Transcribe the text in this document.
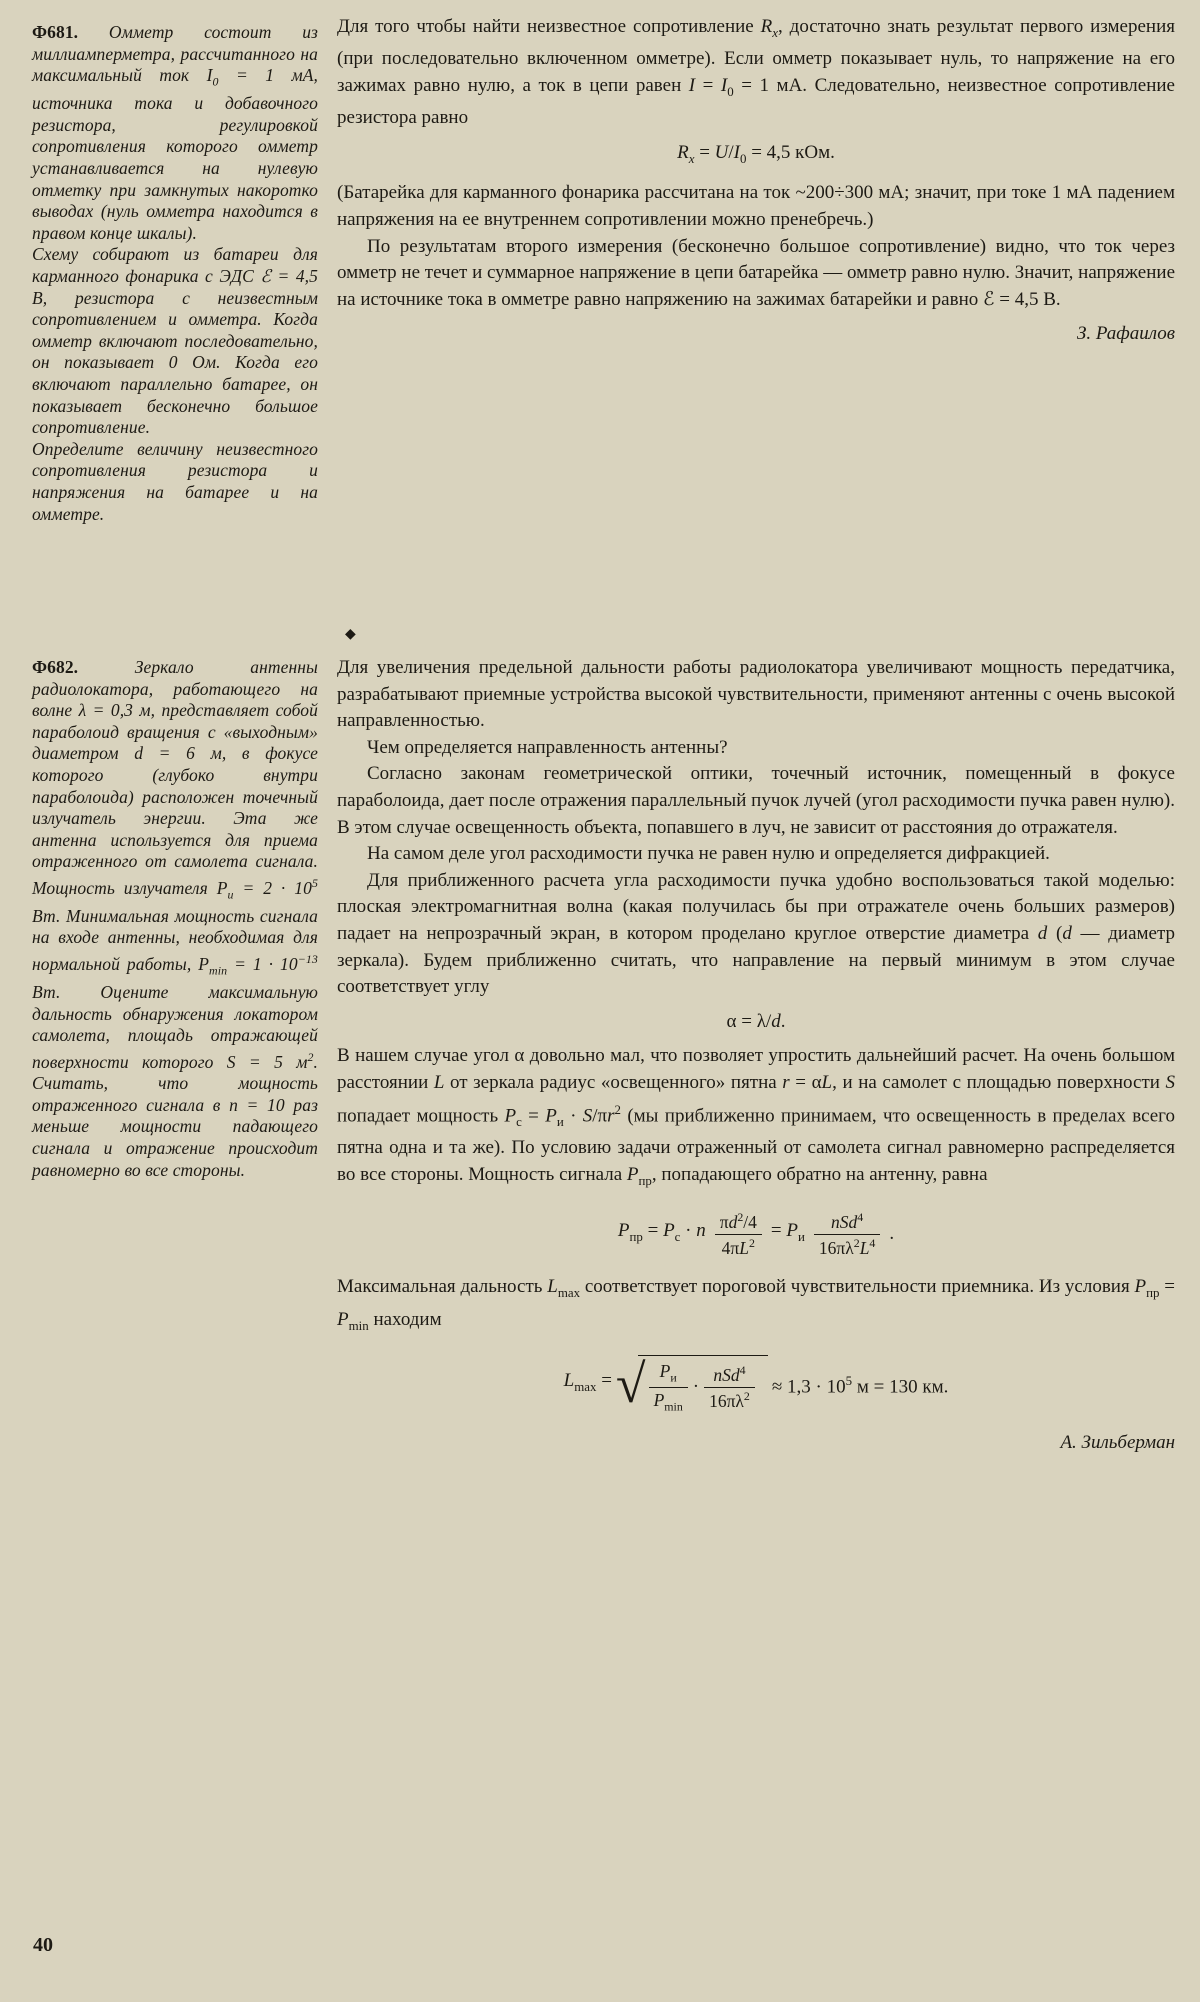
Ф681. Омметр состоит из миллиамперметра, рассчитанного на максимальный ток $I_0 = 1$ мА, источника тока и добавочного резистора, регулировкой сопротивления которого омметр устанавливается на нулевую отметку при замкнутых накоротко выводах (нуль омметра находится в правом конце шкалы).

Схему собирают из батареи для карманного фонарика с ЭДС ℰ = 4,5 В, резистора с неизвестным сопротивлением и омметра. Когда омметр включают последовательно, он показывает 0 Ом. Когда его включают параллельно батарее, он показывает бесконечно большое сопротивление.

Определите величину неизвестного сопротивления резистора и напряжения на батарее и на омметре.

Ф682.	Зеркало антенны радиолокатора, работающего на волне λ = 0,3 м, представляет собой параболоид вращения с «выходным» диаметром d = 6 м, в фокусе которого (глубоко внутри параболоида) расположен точечный излучатель энергии. Эта же антенна используется для приема отраженного от самолета сигнала. Мощность излучателя $P_и = 2 \cdot 10^5$ Вт. Минимальная мощность сигнала на входе антенны, необходимая для нормальной работы, $P_{min} = 1 \cdot 10^{-13}$ Вт. Оцените максимальную дальность обнаружения локатором самолета, площадь отражающей поверхности которого S = 5 $м^2$. Считать, что мощность отраженного сигнала в n = 10 раз меньше мощности падающего сигнала и отражение происходит равномерно во все стороны.

Для того чтобы найти неизвестное сопротивление $R_x$, достаточно знать результат первого измерения (при последовательно включенном омметре). Если омметр показывает нуль, то напряжение на его зажимах равно нулю, а ток в цепи равен $I = I_0 = 1$ мА. Следовательно, неизвестное сопротивление резистора равно

$R_x = U/I_0 = 4,5$ кОм.

(Батарейка для карманного фонарика рассчитана на ток ~200÷300 мА; значит, при токе 1 мА падением напряжения на ее внутреннем сопротивлении можно пренебречь.)

По результатам второго измерения (бесконечно большое сопротивление) видно, что ток через омметр не течет и суммарное напряжение в цепи батарейка — омметр равно нулю. Значит, напряжение на источнике тока в омметре равно напряжению на зажимах батарейки и равно ℰ = 4,5 В.

З. Рафаилов
◆

Для увеличения предельной дальности работы радиолокатора увеличивают мощность передатчика, разрабатывают приемные устройства высокой чувствительности, применяют антенны с очень высокой направленностью.

Чем определяется направленность антенны?

Согласно законам геометрической оптики, точечный источник, помещенный в фокусе параболоида, дает после отражения параллельный пучок лучей (угол расходимости пучка равен нулю). В этом случае освещенность объекта, попавшего в луч, не зависит от расстояния до отражателя.

На самом деле угол расходимости пучка не равен нулю и определяется дифракцией.

Для приближенного расчета угла расходимости пучка удобно воспользоваться такой моделью: плоская электромагнитная волна (какая получилась бы при отражателе очень больших размеров) падает на непрозрачный экран, в котором проделано круглое отверстие диаметра d (d — диаметр зеркала). Будем приближенно считать, что направление на первый минимум в этом случае соответствует углу

α = λ/d.

В нашем случае угол α довольно мал, что позволяет упростить дальнейший расчет. На очень большом расстоянии L от зеркала радиус «освещенного» пятна r = αL, и на самолет с площадью поверхности S попадает мощность $P_с = P_и \cdot S/\pi r^2$ (мы приближенно принимаем, что освещенность в пределах всего пятна одна и та же). По условию задачи отраженный от самолета сигнал равномерно распределяется во все стороны. Мощность сигнала $P_{пр}$, попадающего обратно на антенну, равна

$P_{пр} = P_с \cdot n \frac{\pi d^2/4}{4\pi L^2} = P_и \frac{nSd^4}{16\pi\lambda^2L^4}$ .

Максимальная дальность $L_{max}$ соответствует пороговой чувствительности приемника. Из условия $P_{пр} = P_{min}$ находим

$L_{max}$ = √ $\frac{P_и}{P_{min}} \cdot \frac{nSd^4}{16\pi\lambda^2} \approx 1,3 \cdot 10^5$ м = 130 км.
А. Зильберман
40
